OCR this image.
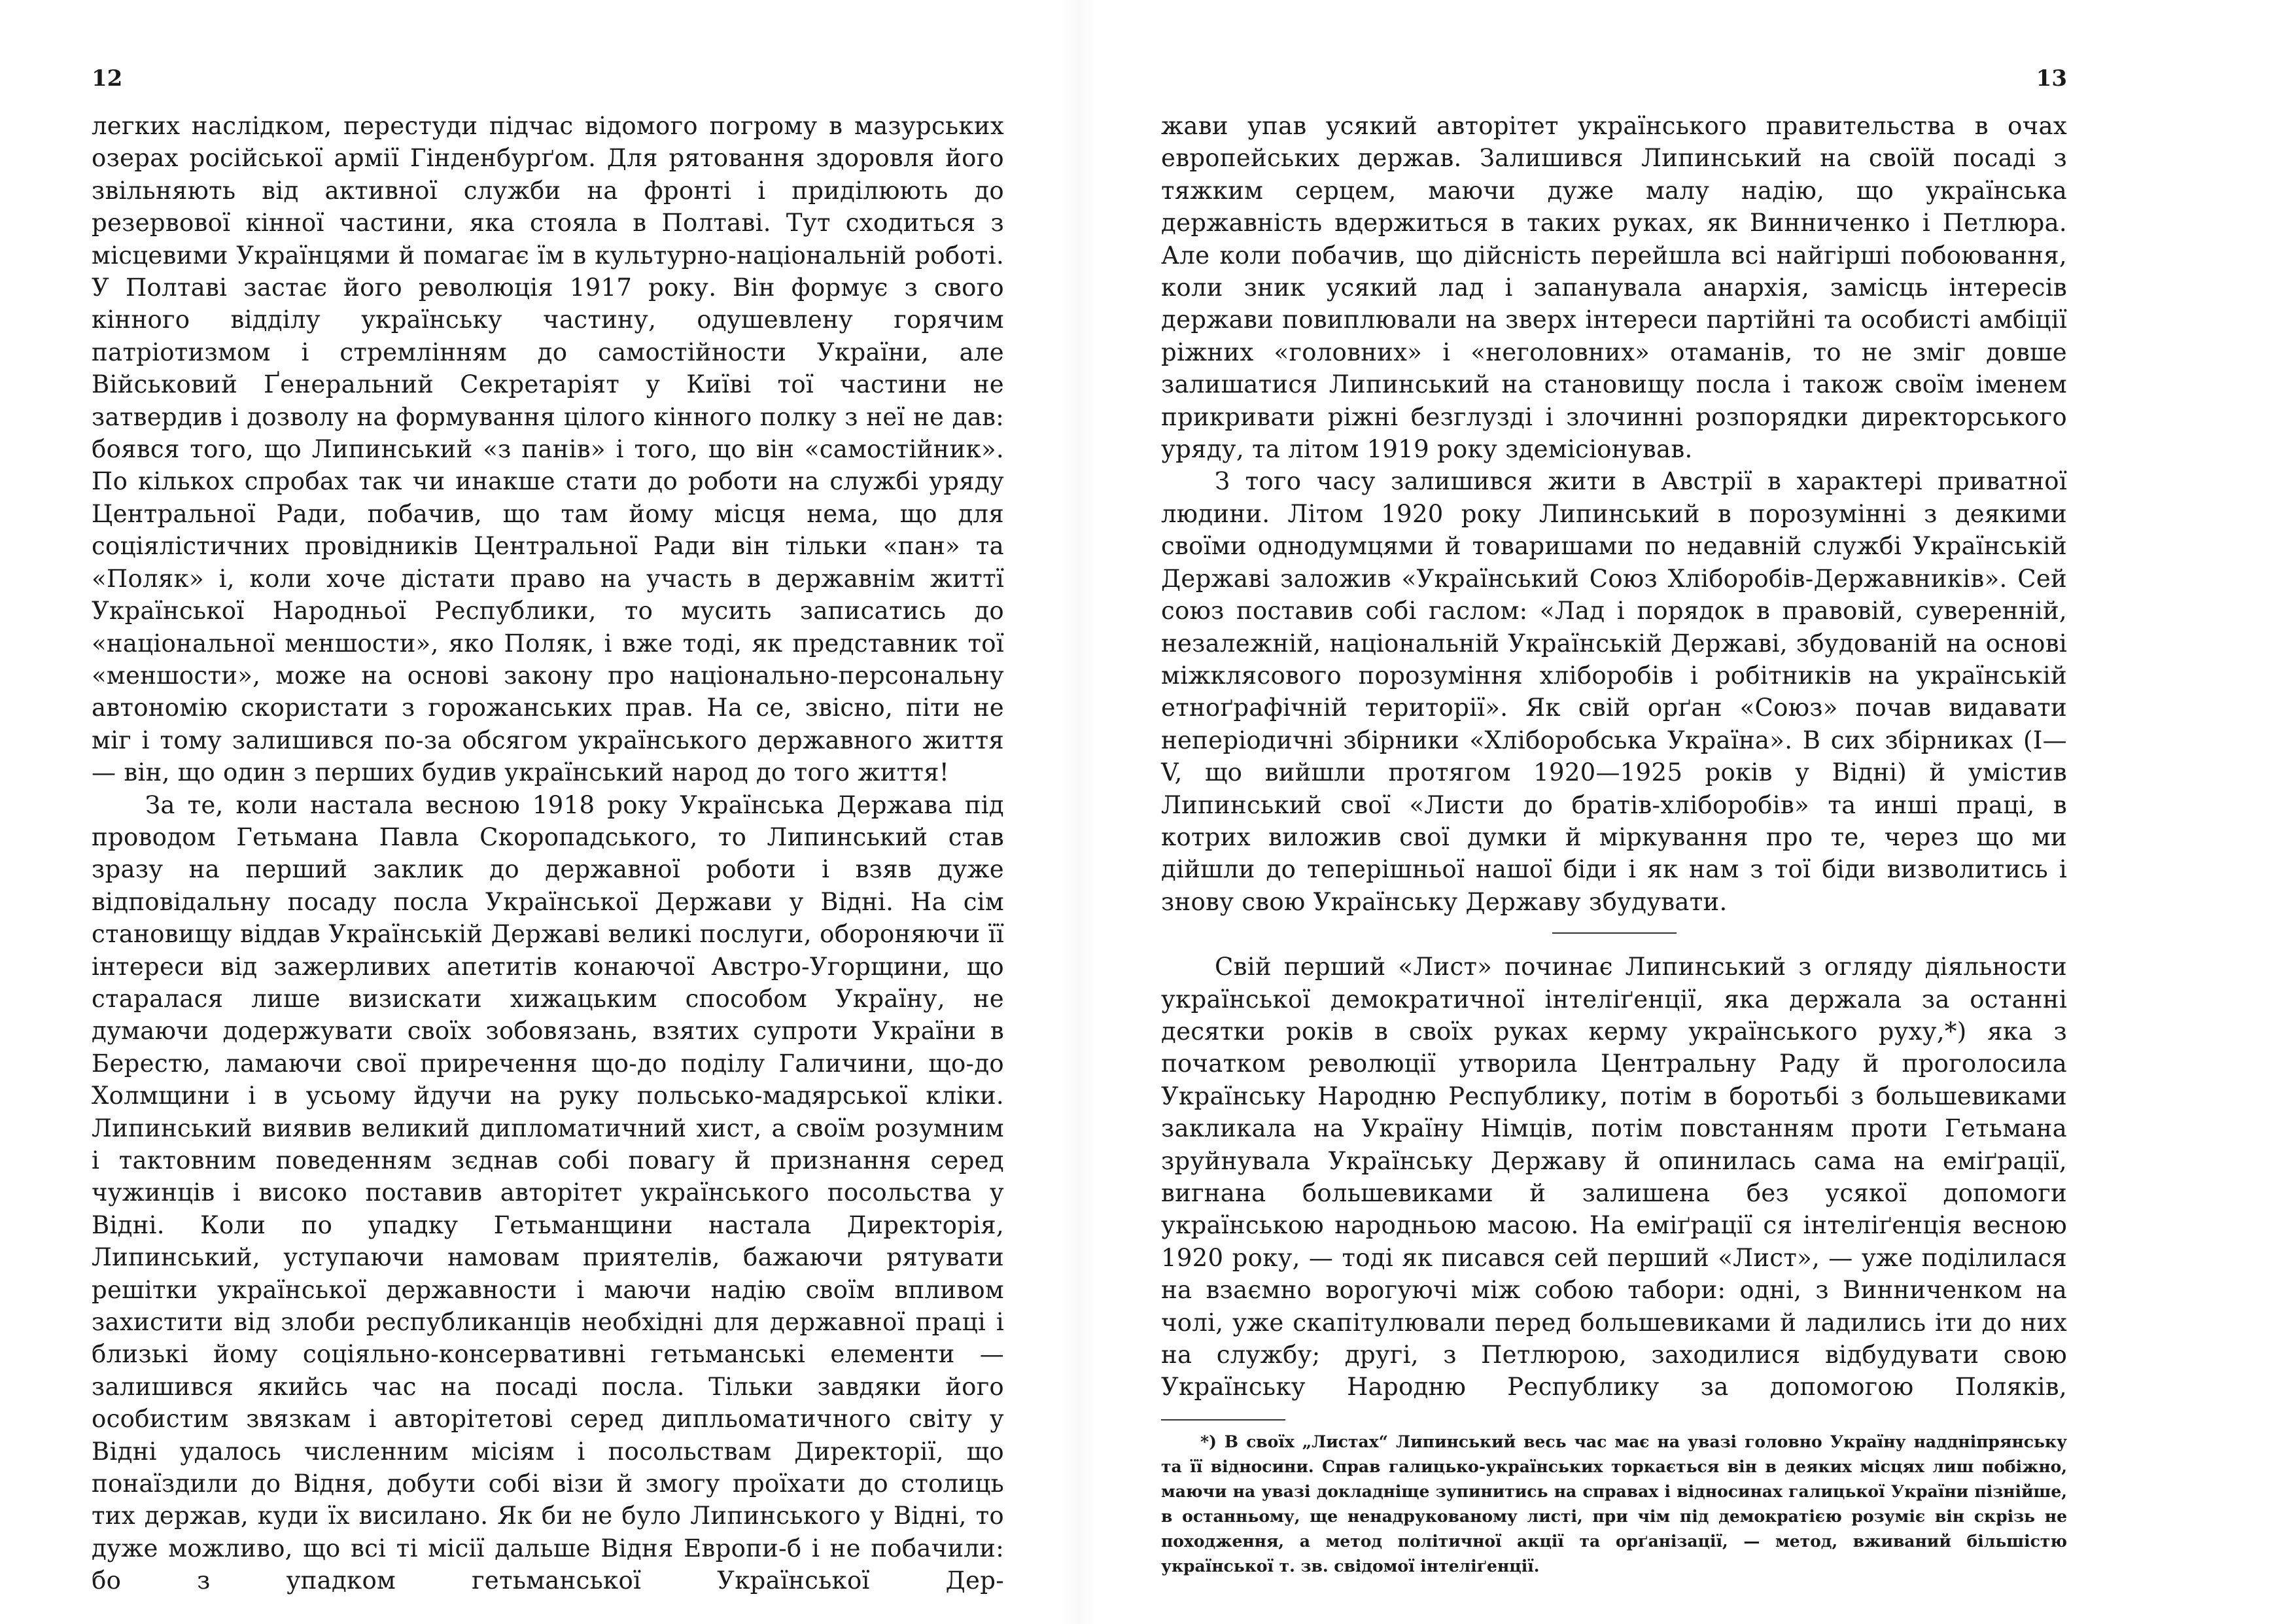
12

легких наслідком, перестуди підчас відомого погрому в мазурських озерах російської армії Гінденбурґом. Для рятовання здоровля його звільняють від активної служби на фронті і приділюють до резервової кінної частини, яка стояла в Полтаві. Тут сходиться з місцевими Українцями й помагає їм в культурно-національній роботі. У Полтаві застає його революція 1917 року. Він формує з свого кінного відділу українську частину, одушевлену горячим патріотизмом і стремлінням до самостійности України, але Військовий Ґенеральний Секретаріят у Київі тої частини не затвердив і дозволу на формування цілого кінного полку з неї не дав: боявся того, що Липинський «з панів» і того, що він «самостійник». По кількох спробах так чи инакше стати до роботи на службі уряду Центральної Ради, побачив, що там йому місця нема, що для соціялістичних провідників Центральної Ради він тільки «пан» та «Поляк» і, коли хоче дістати право на участь в державнім життї Української Народньої Республики, то мусить записатись до «національної меншости», яко Поляк, і вже тоді, як представник тої «меншости», може на основі закону про національно-персональну автономію скористати з горожанських прав. На се, звісно, піти не міг і тому залишився по-за обсягом українського державного життя — він, що один з перших будив український народ до того життя!

За те, коли настала весною 1918 року Українська Держава під проводом Гетьмана Павла Скоропадського, то Липинський став зразу на перший заклик до державної роботи і взяв дуже відповідальну посаду посла Української Держави у Відні. На сім становищу віддав Українській Державі великі послуги, обороняючи її інтереси від зажерливих апетитів конаючої Австро-Угорщини, що старалася лише визискати хижацьким способом Україну, не думаючи додержувати своїх зобовязань, взятих супроти України в Берестю, ламаючи свої приречення що-до поділу Галичини, що-до Холмщини і в усьому йдучи на руку польсько-мадярської кліки. Липинський виявив великий дипломатичний хист, а своїм розумним і тактовним поведенням зєднав собі повагу й признання серед чужинців і високо поставив авторітет українського посольства у Відні. Коли по упадку Гетьманщини настала Директорія, Липинський, уступаючи намовам приятелів, бажаючи рятувати решітки української державности і маючи надію своїм впливом захистити від злоби республиканців необхідні для державної праці і близькі йому соціяльно-консервативні гетьманські елементи — залишився якийсь час на посаді посла. Тільки завдяки його особистим звязкам і авторітетові серед дипльоматичного світу у Відні удалось численним місіям і посольствам Директорії, що понаїздили до Відня, добути собі візи й змогу проїхати до столиць тих держав, куди їх висилано. Як би не було Липинського у Відні, то дуже можливо, що всі ті місії дальше Відня Европи-б і не побачили: бо з упадком гетьманської Української Дер-

13

жави упав усякий авторітет українського правительства в очах европейських держав. Залишився Липинський на своїй посаді з тяжким серцем, маючи дуже малу надію, що українська державність вдержиться в таких руках, як Винниченко і Петлюра. Але коли побачив, що дійсність перейшла всі найгірші побоювання, коли зник усякий лад і запанувала анархія, замісць інтересів держави повиплювали на зверх інтереси партійні та особисті амбіції ріжних «головних» і «неголовних» отаманів, то не зміг довше залишатися Липинський на становищу посла і також своїм іменем прикривати ріжні безглузді і злочинні розпорядки директорського уряду, та літом 1919 року здемісіонував.

З того часу залишився жити в Австрії в характері приватної людини. Літом 1920 року Липинський в порозумінні з деякими своїми однодумцями й товаришами по недавній службі Українській Державі заложив «Український Союз Хліборобів-Державників». Сей союз поставив собі гаслом: «Лад і порядок в правовій, суверенній, незалежній, національній Українській Державі, збудованій на основі міжклясового порозуміння хліборобів і робітників на українській етноґрафічній території». Як свій орґан «Союз» почав видавати неперіодичні збірники «Хліборобська Україна». В сих збірниках (I—V, що вийшли протягом 1920—1925 років у Відні) й умістив Липинський свої «Листи до братів-хліборобів» та инші праці, в котрих виложив свої думки й міркування про те, через що ми дійшли до теперішньої нашої біди і як нам з тої біди визволитись і знову свою Українську Державу збудувати.

Свій перший «Лист» починає Липинський з огляду діяльности української демократичної інтеліґенції, яка держала за останні десятки років в своїх руках керму українського руху,*) яка з початком революції утворила Центральну Раду й проголосила Українську Народню Республику, потім в боротьбі з большевиками закликала на Україну Німців, потім повстанням проти Гетьмана зруйнувала Українську Державу й опинилась сама на еміґрації, вигнана большевиками й залишена без усякої допомоги українською народньою масою. На еміґрації ся інтеліґенція весною 1920 року, — тоді як писався сей перший «Лист», — уже поділилася на взаємно ворогуючі між собою табори: одні, з Винниченком на чолі, уже скапітулювали перед большевиками й ладились іти до них на службу; другі, з Петлюрою, заходилися відбудувати свою Українську Народню Республику за допомогою Поляків,

*) В своїх „Листах“ Липинський весь час має на увазі головно Україну наддніпрянську та її відносини. Справ галицько-українських торкається він в деяких місцях лиш побіжно, маючи на увазі докладніще зупинитись на справах і відносинах галицької України пізнійше, в останньому, ще ненадрукованому листі, при чім під демократією розуміє він скрізь не походження, а метод політичної акції та орґанізації, — метод, вживаний більшістю української т. зв. свідомої інтеліґенції.
